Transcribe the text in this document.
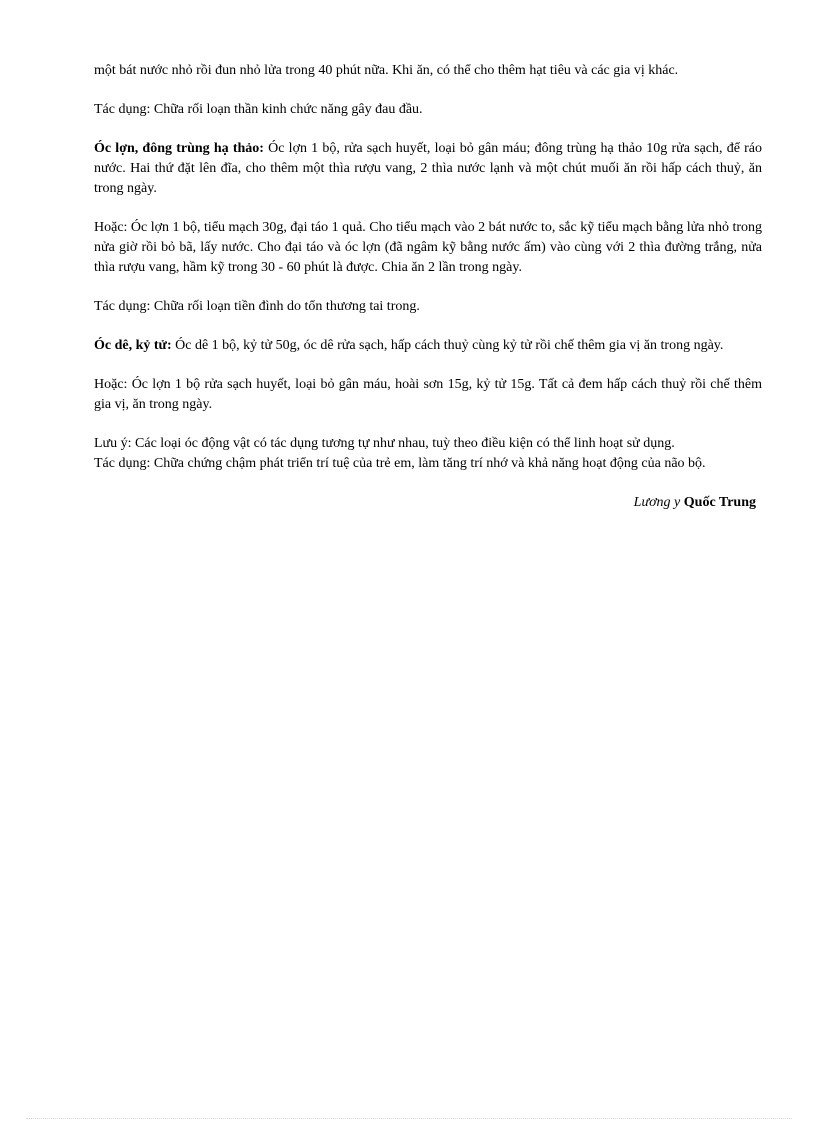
một bát nước nhỏ rồi đun nhỏ lửa trong 40 phút nữa. Khi ăn, có thể cho thêm hạt tiêu và các gia vị khác.

Tác dụng: Chữa rối loạn thần kinh chức năng gây đau đầu.

Óc lợn, đông trùng hạ thảo: Óc lợn 1 bộ, rửa sạch huyết, loại bỏ gân máu; đông trùng hạ thảo 10g rửa sạch, để ráo nước. Hai thứ đặt lên đĩa, cho thêm một thìa rượu vang, 2 thìa nước lạnh và một chút muối ăn rồi hấp cách thuỷ, ăn trong ngày.

Hoặc: Óc lợn 1 bộ, tiểu mạch 30g, đại táo 1 quả. Cho tiểu mạch vào 2 bát nước to, sắc kỹ tiểu mạch bằng lửa nhỏ trong nửa giờ rồi bỏ bã, lấy nước. Cho đại táo và óc lợn (đã ngâm kỹ bằng nước ấm) vào cùng với 2 thìa đường trắng, nửa thìa rượu vang, hầm kỹ trong 30 - 60 phút là được. Chia ăn 2 lần trong ngày.

Tác dụng: Chữa rối loạn tiền đình do tổn thương tai trong.

Óc dê, kỷ tử: Óc dê 1 bộ, kỷ tử 50g, óc dê rửa sạch, hấp cách thuỷ cùng kỷ tử rồi chế thêm gia vị ăn trong ngày.

Hoặc: Óc lợn 1 bộ rửa sạch huyết, loại bỏ gân máu, hoài sơn 15g, kỷ tử 15g. Tất cả đem hấp cách thuỷ rồi chế thêm gia vị, ăn trong ngày.

Lưu ý: Các loại óc động vật có tác dụng tương tự như nhau, tuỳ theo điều kiện có thể linh hoạt sử dụng.
Tác dụng: Chữa chứng chậm phát triển trí tuệ của trẻ em, làm tăng trí nhớ và khả năng hoạt động của não bộ.

Lương y Quốc Trung
